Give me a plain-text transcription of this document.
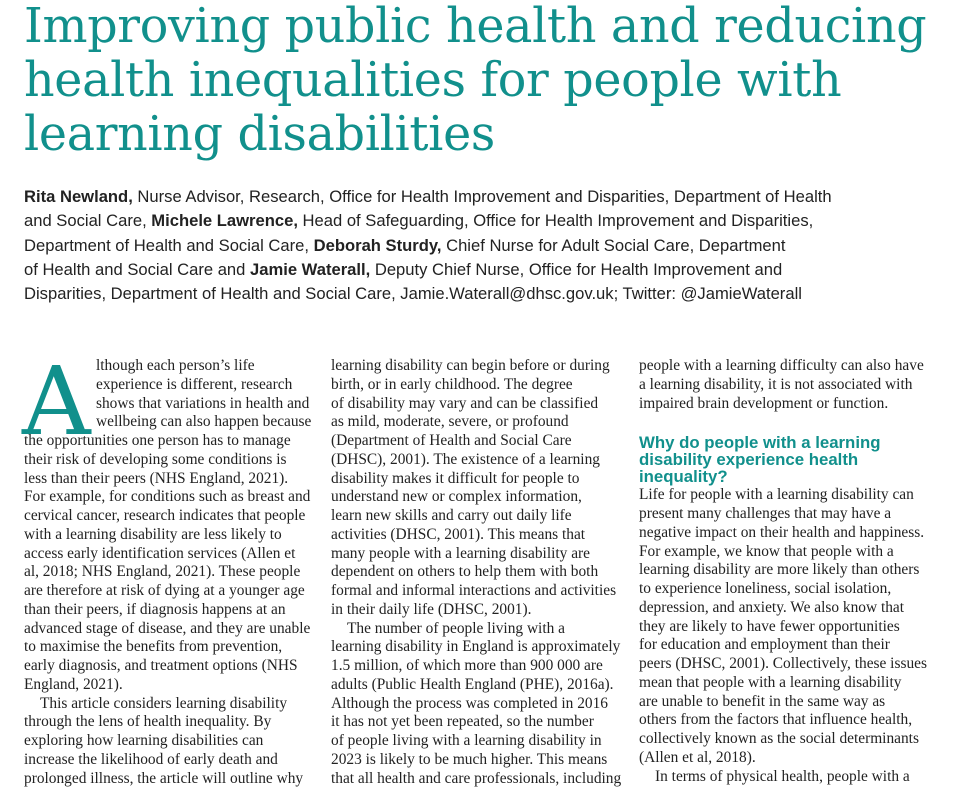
Improving public health and reducing
health inequalities for people with
learning disabilities
Rita Newland, Nurse Advisor, Research, Office for Health Improvement and Disparities, Department of Health
and Social Care, Michele Lawrence, Head of Safeguarding, Office for Health Improvement and Disparities,
Department of Health and Social Care, Deborah Sturdy, Chief Nurse for Adult Social Care, Department
of Health and Social Care and Jamie Waterall, Deputy Chief Nurse, Office for Health Improvement and
Disparities, Department of Health and Social Care, Jamie.Waterall@dhsc.gov.uk; Twitter: @JamieWaterall
A lthough each person’s life
experience is different, research
shows that variations in health and
wellbeing can also happen because
the opportunities one person has to manage
their risk of developing some conditions is
less than their peers (NHS England, 2021).
For example, for conditions such as breast and
cervical cancer, research indicates that people
with a learning disability are less likely to
access early identification services (Allen et
al, 2018; NHS England, 2021). These people
are therefore at risk of dying at a younger age
than their peers, if diagnosis happens at an
advanced stage of disease, and they are unable
to maximise the benefits from prevention,
early diagnosis, and treatment options (NHS
England, 2021).
This article considers learning disability
through the lens of health inequality. By
exploring how learning disabilities can
increase the likelihood of early death and
prolonged illness, the article will outline why
learning disability can begin before or during
birth, or in early childhood. The degree
of disability may vary and can be classified
as mild, moderate, severe, or profound
(Department of Health and Social Care
(DHSC), 2001). The existence of a learning
disability makes it difficult for people to
understand new or complex information,
learn new skills and carry out daily life
activities (DHSC, 2001). This means that
many people with a learning disability are
dependent on others to help them with both
formal and informal interactions and activities
in their daily life (DHSC, 2001).
The number of people living with a
learning disability in England is approximately
1.5 million, of which more than 900 000 are
adults (Public Health England (PHE), 2016a).
Although the process was completed in 2016
it has not yet been repeated, so the number
of people living with a learning disability in
2023 is likely to be much higher. This means
that all health and care professionals, including
people with a learning difficulty can also have
a learning disability, it is not associated with
impaired brain development or function.
Why do people with a learning
disability experience health
inequality?
Life for people with a learning disability can
present many challenges that may have a
negative impact on their health and happiness.
For example, we know that people with a
learning disability are more likely than others
to experience loneliness, social isolation,
depression, and anxiety. We also know that
they are likely to have fewer opportunities
for education and employment than their
peers (DHSC, 2001). Collectively, these issues
mean that people with a learning disability
are unable to benefit in the same way as
others from the factors that influence health,
collectively known as the social determinants
(Allen et al, 2018).
In terms of physical health, people with a
